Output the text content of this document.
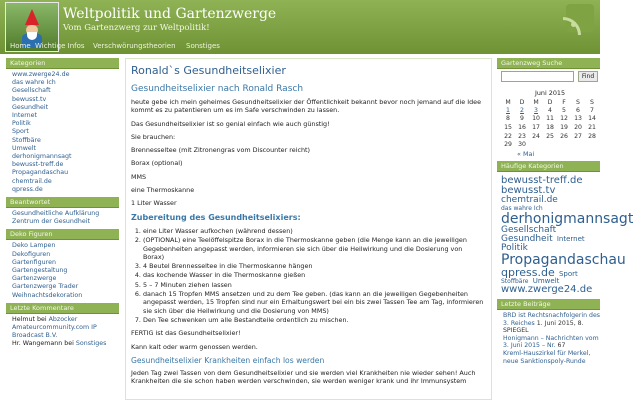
Weltpolitik und Gartenzwerge
Vom Gartenzwerg zur Weltpolitik!
Home Wichtige Infos Verschwörungstheorien Sonstiges
Kategorien
www.zwerge24.de
das wahre Ich
Gesellschaft
bewusst.tv
Gesundheit
Internet
Politik
Sport
Stoffbäre
Umwelt
derhonigmannsagt
bewusst-treff.de
Propagandaschau
chemtrail.de
qpress.de
Beantwortet
Gesundheitliche Aufklärung
Zentrum der Gesundheit
Deko Figuren
Deko Lampen
Dekofiguren
Gartenfiguren
Gartengestaltung
Gartenzwerge
Gartenzwerge Trader
Weihnachtsdekoration
Letzte Kommentare
Helmut bei Abzocker Amateurcommunity.com IP Broadcast B.V.
Hr. Wangemann bei Sonstiges
Ronald`s Gesundheitselixier
Gesundheitselixier nach Ronald Rasch

heute gebe ich mein geheimes Gesundheitselixier der Öffentlichkeit bekannt bevor noch jemand auf die Idee kommt es zu patentieren um es im Safe verschwinden zu lassen.

Das Gesundheitselixier ist so genial einfach wie auch günstig!

Sie brauchen:

Brennesseltee (mit Zitronengras vom Discounter reicht)

Borax (optional)

MMS

eine Thermoskanne

1 Liter Wasser

Zubereitung des Gesundheitselixiers:
1. eine Liter Wasser aufkochen (während dessen)
2. (OPTIONAL) eine Teelöffelspitze Borax in die Thermoskanne geben (die Menge kann an die jeweiligen Gegebenheiten angepasst werden, informieren sie sich über die Heilwirkung und die Dosierung von Borax)
3. 4 Beutel Brennesseltee in die Thermoskanne hängen
4. das kochende Wasser in die Thermoskanne gießen
5. 5 – 7 Minuten ziehen lassen
6. danach 15 Tropfen MMS ansetzen und zu dem Tee geben. (das kann an die jeweiligen Gegebenheiten angepasst werden, 15 Tropfen sind nur ein Erhaltungswert bei ein bis zwei Tassen Tee am Tag, informieren sie sich über die Heilwirkung und die Dosierung von MMS)
7. Den Tee schwenken um alle Bestandteile ordentlich zu mischen.

FERTIG ist das Gesundheitselixier!

Kann kalt oder warm genossen werden.

Gesundheitselixier Krankheiten einfach los werden

Jeden Tag zwei Tassen von dem Gesundheitselixier und sie werden viel Krankheiten nie wieder sehen! Auch Krankheiten die sie schon haben werden verschwinden, sie werden weniger krank und ihr Immunsystem

Gartenzweg Suche
Find
Juni 2015
M	D	M	D	F	S	S
1	2	3	4	5	6	7
8	9	10	11	12	13	14
15	16	17	18	19	20	21
22	23	24	25	26	27	28
29	30					
« Mai
Häufige Kategorien
bewusst-treff.de bewusst.tv chemtrail.de das wahre Ich derhonigmannsagt Gesellschaft Gesundheit Internet Politik Propagandaschau qpress.de Sport Stoffbäre Umwelt www.zwerge24.de
Letzte Beiträge
BRD ist Rechtsnachfolgerin des 3. Reiches 1. Juni 2015, 8. SPIEGEL
Honigmann – Nachrichten vom 3. Juni 2015 – Nr. 67
Kreml-Hauszirkel für Merkel, neue Sanktionspoly-Runde
